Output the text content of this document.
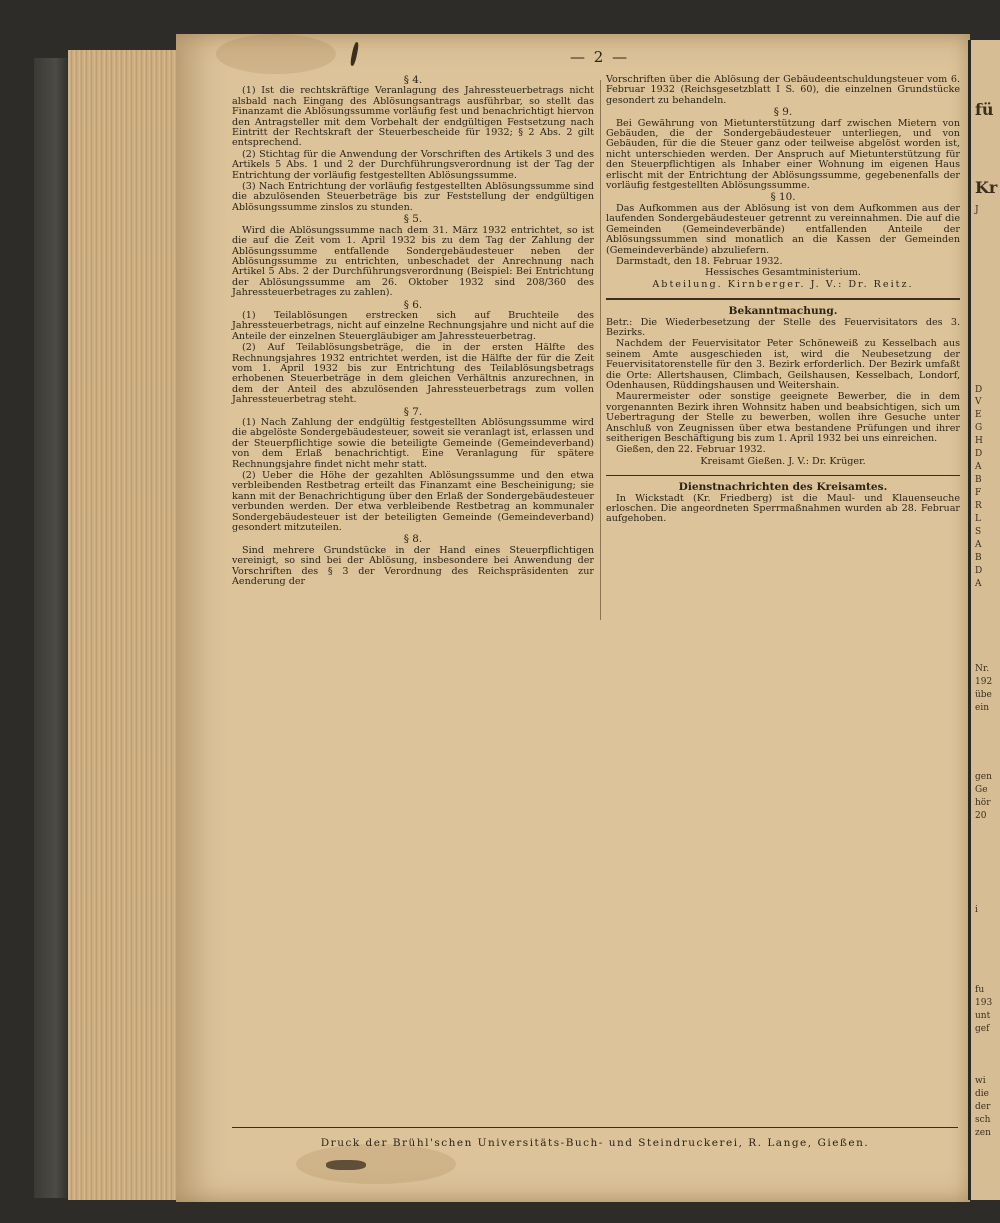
fü
Kr
J
D
V
E
G
H
D
A
B
F
R
L
S
A
B
D
A
Nr.
192
übe
ein
gen
Ge
hör
20
i
fu
193
unt
gef
wi
die
der
sch
zen
— 2 —

§ 4.

(1) Ist die rechtskräftige Veranlagung des Jahressteuerbetrags nicht alsbald nach Eingang des Ablösungsantrags ausführbar, so stellt das Finanzamt die Ablösungssumme vorläufig fest und benachrichtigt hiervon den Antragsteller mit dem Vorbehalt der endgültigen Festsetzung nach Eintritt der Rechtskraft der Steuerbescheide für 1932; § 2 Abs. 2 gilt entsprechend.

(2) Stichtag für die Anwendung der Vorschriften des Artikels 3 und des Artikels 5 Abs. 1 und 2 der Durchführungsverordnung ist der Tag der Entrichtung der vorläufig festgestellten Ablösungssumme.

(3) Nach Entrichtung der vorläufig festgestellten Ablösungssumme sind die abzulösenden Steuerbeträge bis zur Feststellung der endgültigen Ablösungssumme zinslos zu stunden.

§ 5.

Wird die Ablösungssumme nach dem 31. März 1932 entrichtet, so ist die auf die Zeit vom 1. April 1932 bis zu dem Tag der Zahlung der Ablösungssumme entfallende Sondergebäudesteuer neben der Ablösungssumme zu entrichten, unbeschadet der Anrechnung nach Artikel 5 Abs. 2 der Durchführungsverordnung (Beispiel: Bei Entrichtung der Ablösungssumme am 26. Oktober 1932 sind 208/360 des Jahressteuerbetrages zu zahlen).

§ 6.

(1) Teilablösungen erstrecken sich auf Bruchteile des Jahressteuerbetrags, nicht auf einzelne Rechnungsjahre und nicht auf die Anteile der einzelnen Steuergläubiger am Jahressteuerbetrag.

(2) Auf Teilablösungsbeträge, die in der ersten Hälfte des Rechnungsjahres 1932 entrichtet werden, ist die Hälfte der für die Zeit vom 1. April 1932 bis zur Entrichtung des Teilablösungsbetrags erhobenen Steuerbeträge in dem gleichen Verhältnis anzurechnen, in dem der Anteil des abzulösenden Jahressteuerbetrags zum vollen Jahressteuerbetrag steht.

§ 7.

(1) Nach Zahlung der endgültig festgestellten Ablösungssumme wird die abgelöste Sondergebäudesteuer, soweit sie veranlagt ist, erlassen und der Steuerpflichtige sowie die beteiligte Gemeinde (Gemeindeverband) von dem Erlaß benachrichtigt. Eine Veranlagung für spätere Rechnungsjahre findet nicht mehr statt.

(2) Ueber die Höhe der gezahlten Ablösungssumme und den etwa verbleibenden Restbetrag erteilt das Finanzamt eine Bescheinigung; sie kann mit der Benachrichtigung über den Erlaß der Sondergebäudesteuer verbunden werden. Der etwa verbleibende Restbetrag an kommunaler Sondergebäudesteuer ist der beteiligten Gemeinde (Gemeindeverband) gesondert mitzuteilen.

§ 8.

Sind mehrere Grundstücke in der Hand eines Steuerpflichtigen vereinigt, so sind bei der Ablösung, insbesondere bei Anwendung der Vorschriften des § 3 der Verordnung des Reichspräsidenten zur Aenderung der

Vorschriften über die Ablösung der Gebäudeentschuldungsteuer vom 6. Februar 1932 (Reichsgesetzblatt I S. 60), die einzelnen Grundstücke gesondert zu behandeln.

§ 9.

Bei Gewährung von Mietunterstützung darf zwischen Mietern von Gebäuden, die der Sondergebäudesteuer unterliegen, und von Gebäuden, für die die Steuer ganz oder teilweise abgelöst worden ist, nicht unterschieden werden. Der Anspruch auf Mietunterstützung für den Steuerpflichtigen als Inhaber einer Wohnung im eigenen Haus erlischt mit der Entrichtung der Ablösungssumme, gegebenenfalls der vorläufig festgestellten Ablösungssumme.

§ 10.

Das Aufkommen aus der Ablösung ist von dem Aufkommen aus der laufenden Sondergebäudesteuer getrennt zu vereinnahmen. Die auf die Gemeinden (Gemeindeverbände) entfallenden Anteile der Ablösungssummen sind monatlich an die Kassen der Gemeinden (Gemeindeverbände) abzuliefern.

Darmstadt, den 18. Februar 1932.

Hessisches Gesamtministerium.

Abteilung. Kirnberger. J. V.: Dr. Reitz.

Bekanntmachung.

Betr.: Die Wiederbesetzung der Stelle des Feuervisitators des 3. Bezirks.

Nachdem der Feuervisitator Peter Schöneweiß zu Kesselbach aus seinem Amte ausgeschieden ist, wird die Neubesetzung der Feuervisitatorenstelle für den 3. Bezirk erforderlich. Der Bezirk umfaßt die Orte: Allertshausen, Climbach, Geilshausen, Kesselbach, Londorf, Odenhausen, Rüddingshausen und Weitershain.

Maurermeister oder sonstige geeignete Bewerber, die in dem vorgenannten Bezirk ihren Wohnsitz haben und beabsichtigen, sich um Uebertragung der Stelle zu bewerben, wollen ihre Gesuche unter Anschluß von Zeugnissen über etwa bestandene Prüfungen und ihrer seitherigen Beschäftigung bis zum 1. April 1932 bei uns einreichen.

Gießen, den 22. Februar 1932.

Kreisamt Gießen. J. V.: Dr. Krüger.

Dienstnachrichten des Kreisamtes.

In Wickstadt (Kr. Friedberg) ist die Maul- und Klauenseuche erloschen. Die angeordneten Sperrmaßnahmen wurden ab 28. Februar aufgehoben.

Druck der Brühl'schen Universitäts-Buch- und Steindruckerei, R. Lange, Gießen.
